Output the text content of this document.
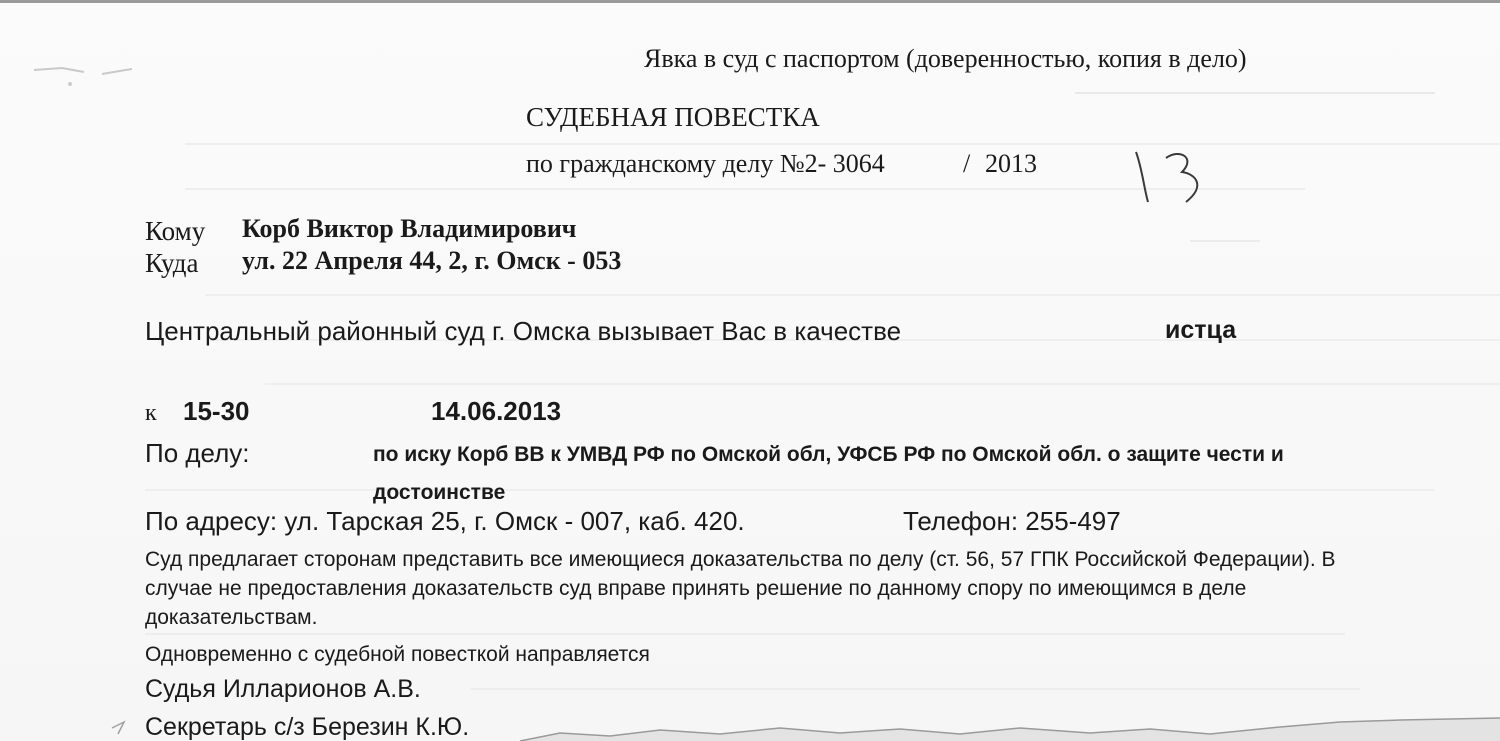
Явка в суд с паспортом (доверенностью, копия в дело)
СУДЕБНАЯ ПОВЕСТКА
по гражданскому делу №2- 3064	/ 2013
Кому Корб Виктор Владимирович
Куда ул. 22 Апреля 44, 2, г. Омск - 053
Центральный районный суд г. Омска вызывает Вас в качестве	истца
к 15-30	14.06.2013
По делу:	по иску Корб ВВ к УМВД РФ по Омской обл, УФСБ РФ по Омской обл. о защите чести и достоинстве
По адресу: ул. Тарская 25, г. Омск - 007, каб. 420.	Телефон: 255-497
Суд предлагает сторонам представить все имеющиеся доказательства по делу (ст. 56, 57 ГПК Российской Федерации). В случае не предоставления доказательств суд вправе принять решение по данному спору по имеющимся в деле доказательствам.
Одновременно с судебной повесткой направляется
Судья Илларионов А.В.
Секретарь с/з Березин К.Ю.
